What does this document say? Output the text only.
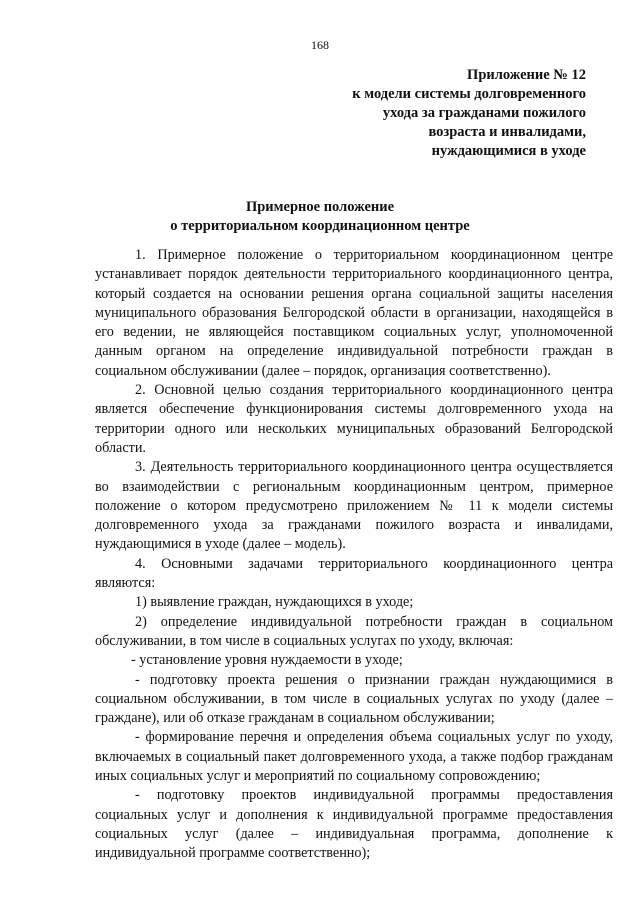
168
Приложение № 12
к модели системы долговременного
ухода за гражданами пожилого
возраста и инвалидами,
нуждающимися в уходе
Примерное положение
о территориальном координационном центре

1. Примерное положение о территориальном координационном центре устанавливает порядок деятельности территориального координационного центра, который создается на основании решения органа социальной защиты населения муниципального образования Белгородской области в организации, находящейся в его ведении, не являющейся поставщиком социальных услуг, уполномоченной данным органом на определение индивидуальной потребности граждан в социальном обслуживании (далее – порядок, организация соответственно).

2. Основной целью создания территориального координационного центра является обеспечение функционирования системы долговременного ухода на территории одного или нескольких муниципальных образований Белгородской области.

3. Деятельность территориального координационного центра осуществляется во взаимодействии с региональным координационным центром, примерное положение о котором предусмотрено приложением № 11 к модели системы долговременного ухода за гражданами пожилого возраста и инвалидами, нуждающимися в уходе (далее – модель).

4. Основными задачами территориального координационного центра являются:

1) выявление граждан, нуждающихся в уходе;

2) определение индивидуальной потребности граждан в социальном обслуживании, в том числе в социальных услугах по уходу, включая:

- установление уровня нуждаемости в уходе;

- подготовку проекта решения о признании граждан нуждающимися в социальном обслуживании, в том числе в социальных услугах по уходу (далее – граждане), или об отказе гражданам в социальном обслуживании;

- формирование перечня и определения объема социальных услуг по уходу, включаемых в социальный пакет долговременного ухода, а также подбор гражданам иных социальных услуг и мероприятий по социальному сопровождению;

- подготовку проектов индивидуальной программы предоставления социальных услуг и дополнения к индивидуальной программе предоставления социальных услуг (далее – индивидуальная программа, дополнение к индивидуальной программе соответственно);
